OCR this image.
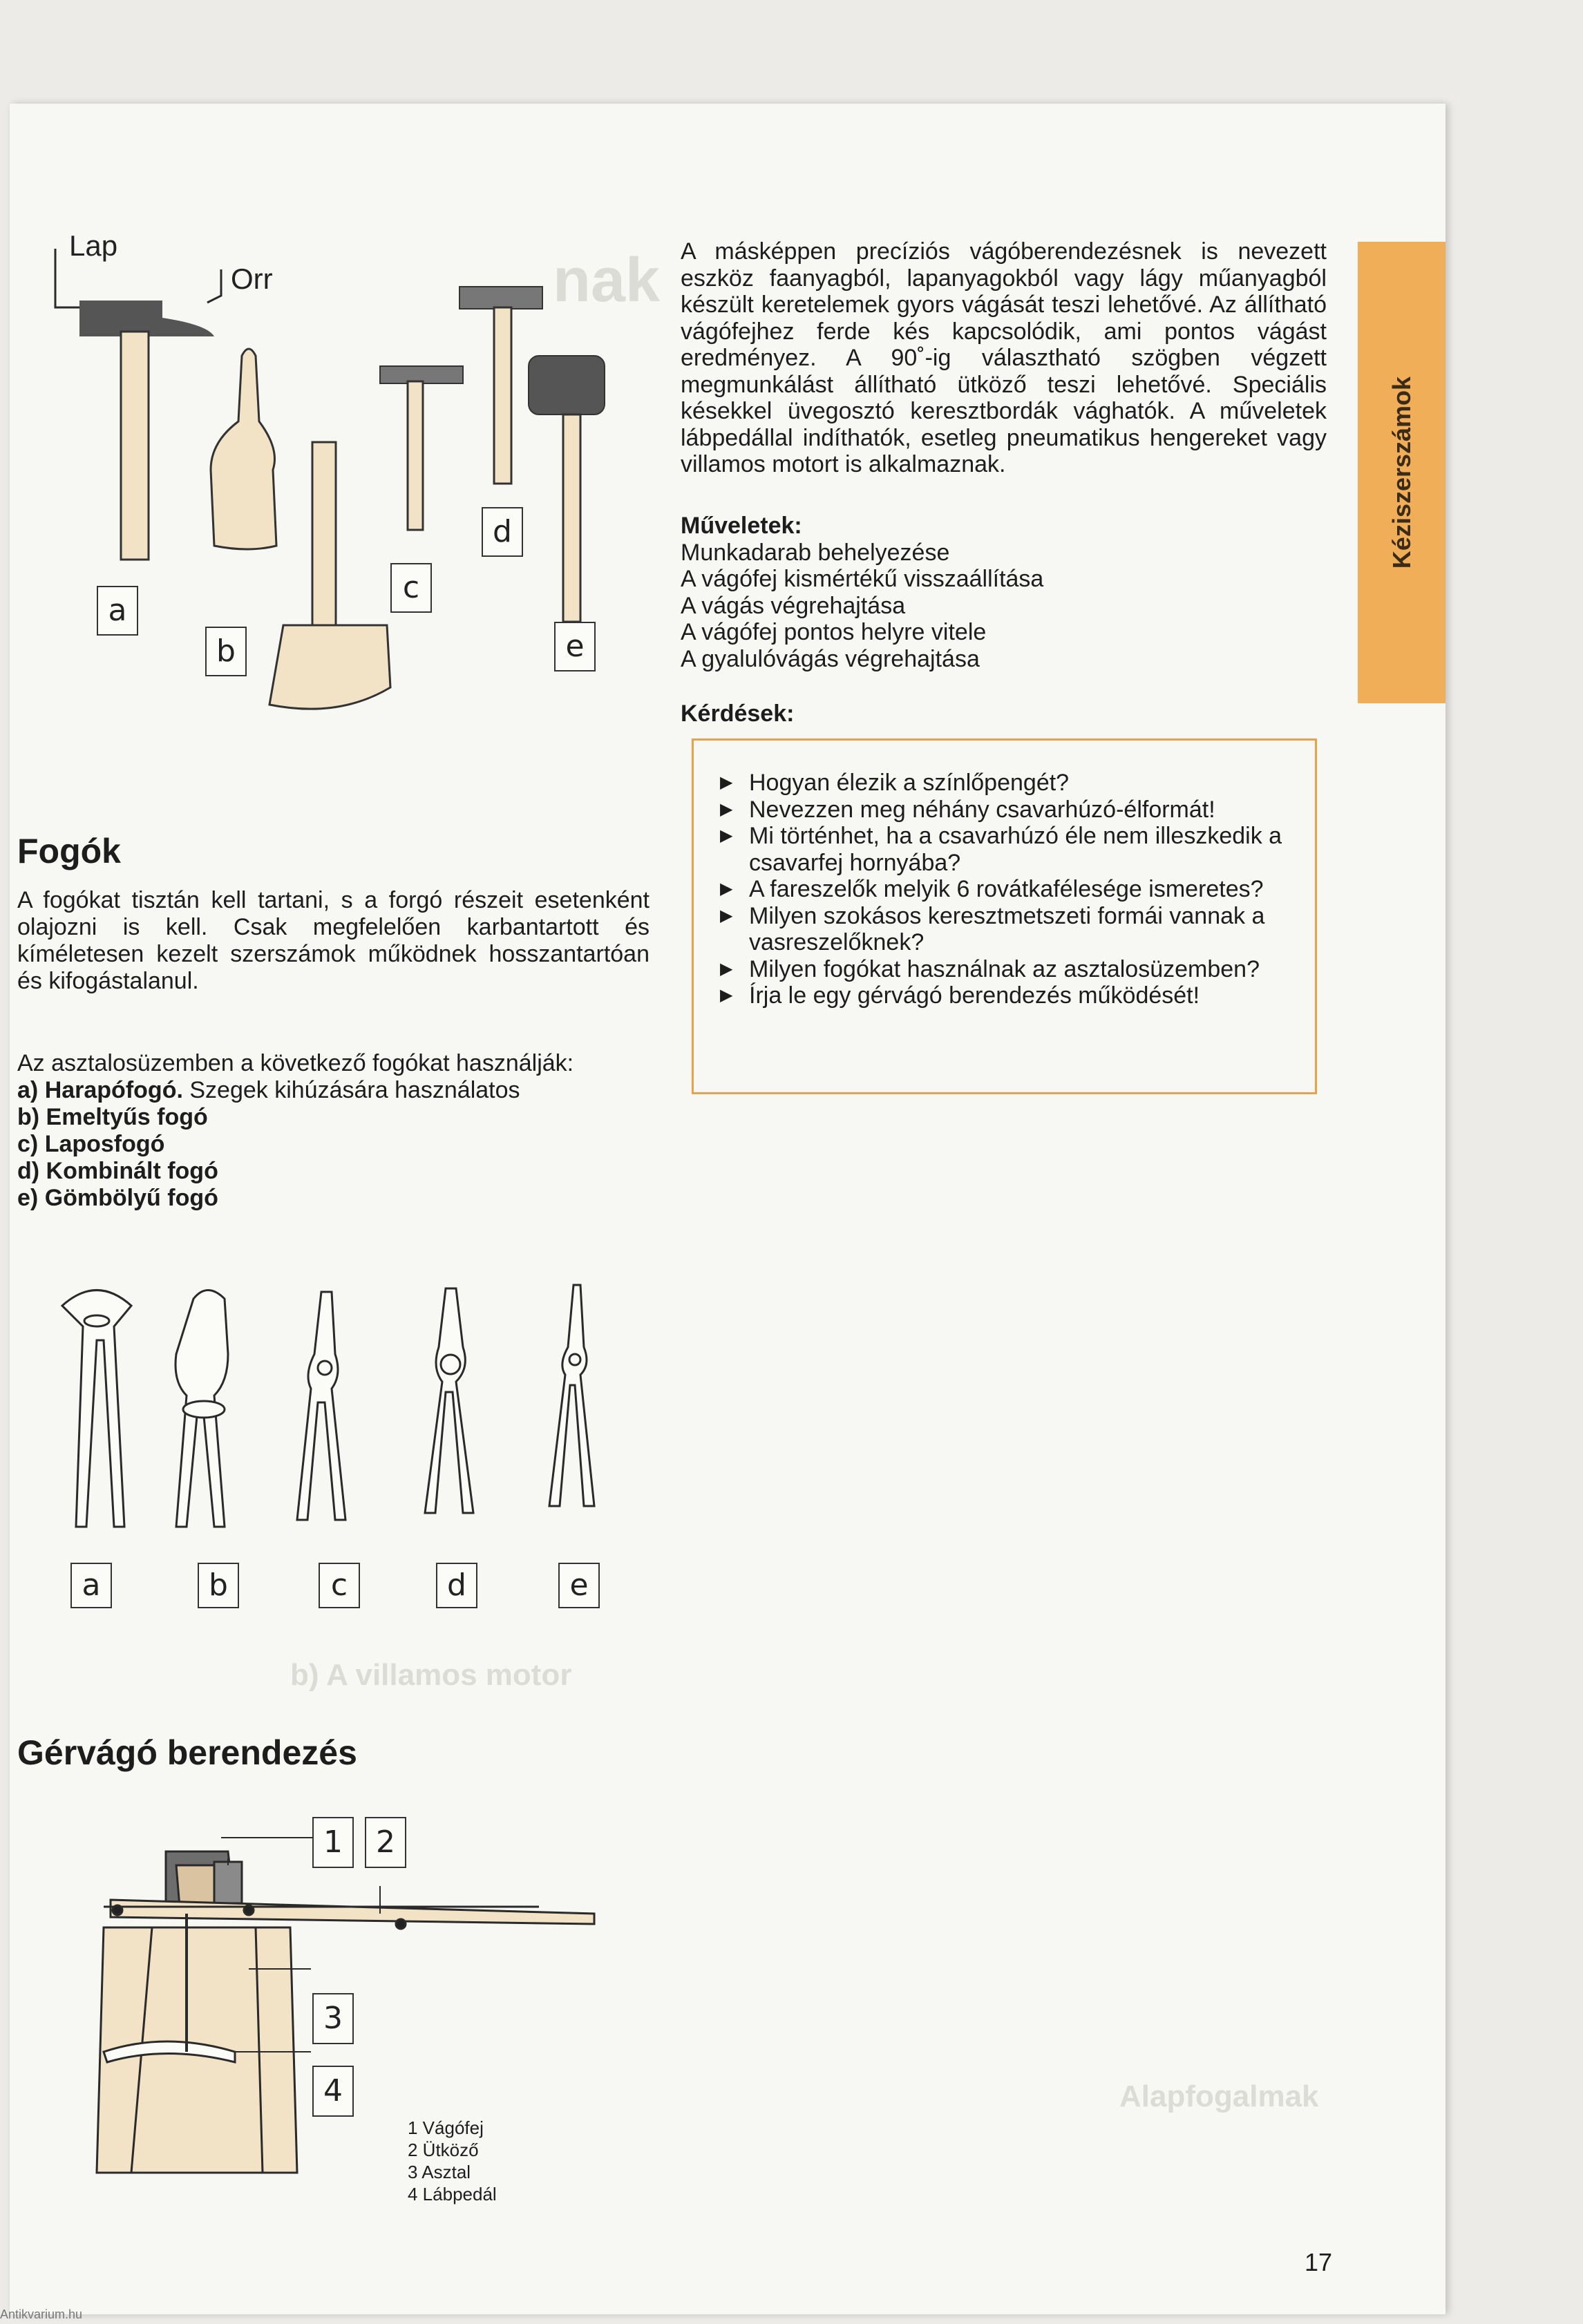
nak
b) A villamos motor
Alapfogalmak
Lap
Orr
a
b
c
d
e
A másképpen precíziós vágóberendezésnek is nevezett eszköz faanyagból, lapanyagokból vagy lágy műanyagból készült keretelemek gyors vágását teszi lehetővé. Az állítható vágófejhez ferde kés kapcsolódik, ami pontos vágást eredményez. A 90˚-ig választható szögben végzett megmunkálást állítható ütköző teszi lehetővé. Speciális késekkel üvegosztó keresztbordák vághatók. A műveletek lábpedállal indíthatók, esetleg pneumatikus hengereket vagy villamos motort is alkalmaznak.
Műveletek:
Munkadarab behelyezése
A vágófej kismértékű visszaállítása
A vágás végrehajtása
A vágófej pontos helyre vitele
A gyalulóvágás végrehajtása
Kérdések:
▶ Hogyan élezik a színlőpengét?
▶ Nevezzen meg néhány csavarhúzó-élformát!
▶ Mi történhet, ha a csavarhúzó éle nem illeszkedik a csavarfej hornyába?
▶ A fareszelők melyik 6 rovátkafélesége ismeretes?
▶ Milyen szokásos keresztmetszeti formái vannak a vasreszelőknek?
▶ Milyen fogókat használnak az asztalosüzemben?
▶ Írja le egy gérvágó berendezés működését!
Kéziszerszámok
Fogók
A fogókat tisztán kell tartani, s a forgó részeit esetenként olajozni is kell. Csak megfelelően karbantartott és kíméletesen kezelt szerszámok működnek hosszantartóan és kifogástalanul.
Az asztalosüzemben a következő fogókat használják:
a) Harapófogó. Szegek kihúzására használatos
b) Emeltyűs fogó
c) Laposfogó
d) Kombinált fogó
e) Gömbölyű fogó
a	b	c	d	e
Gérvágó berendezés
1	2
3
4
1 Vágófej
2 Ütköző
3 Asztal
4 Lábpedál
17
Antikvarium.hu
